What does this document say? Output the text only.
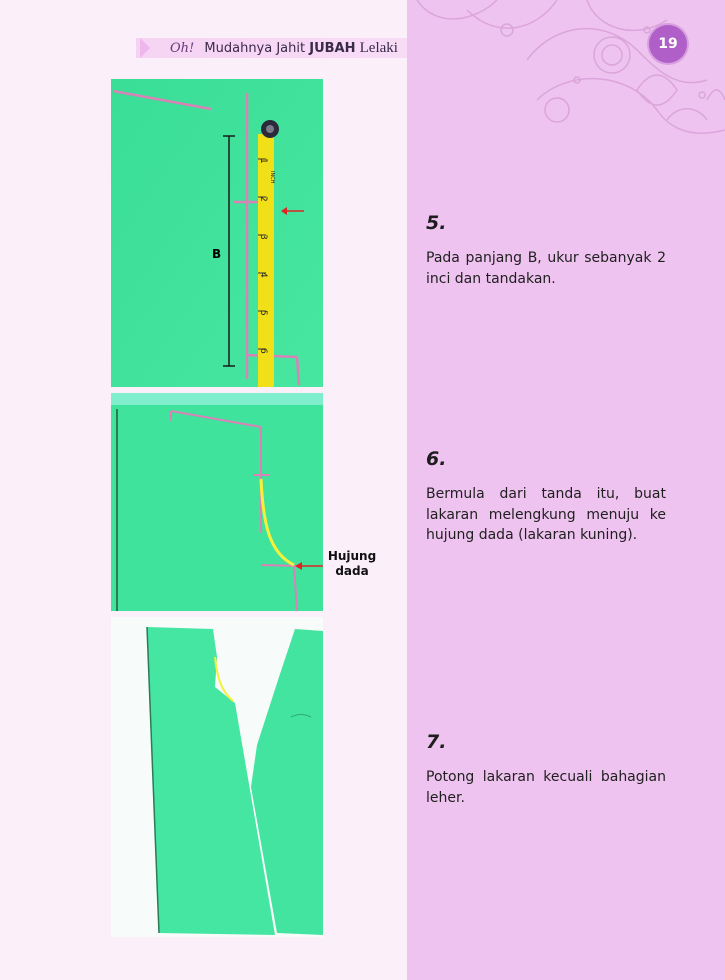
Oh! Mudahnya Jahit JUBAH Lelaki	19
B
1
INCH
2
3
4
5
6
Hujung
dada
5.
Pada panjang B, ukur sebanyak 2 inci dan tandakan.
6.
Bermula dari tanda itu, buat lakaran melengkung menuju ke hujung dada (lakaran kuning).
7.
Potong lakaran kecuali bahagian leher.
